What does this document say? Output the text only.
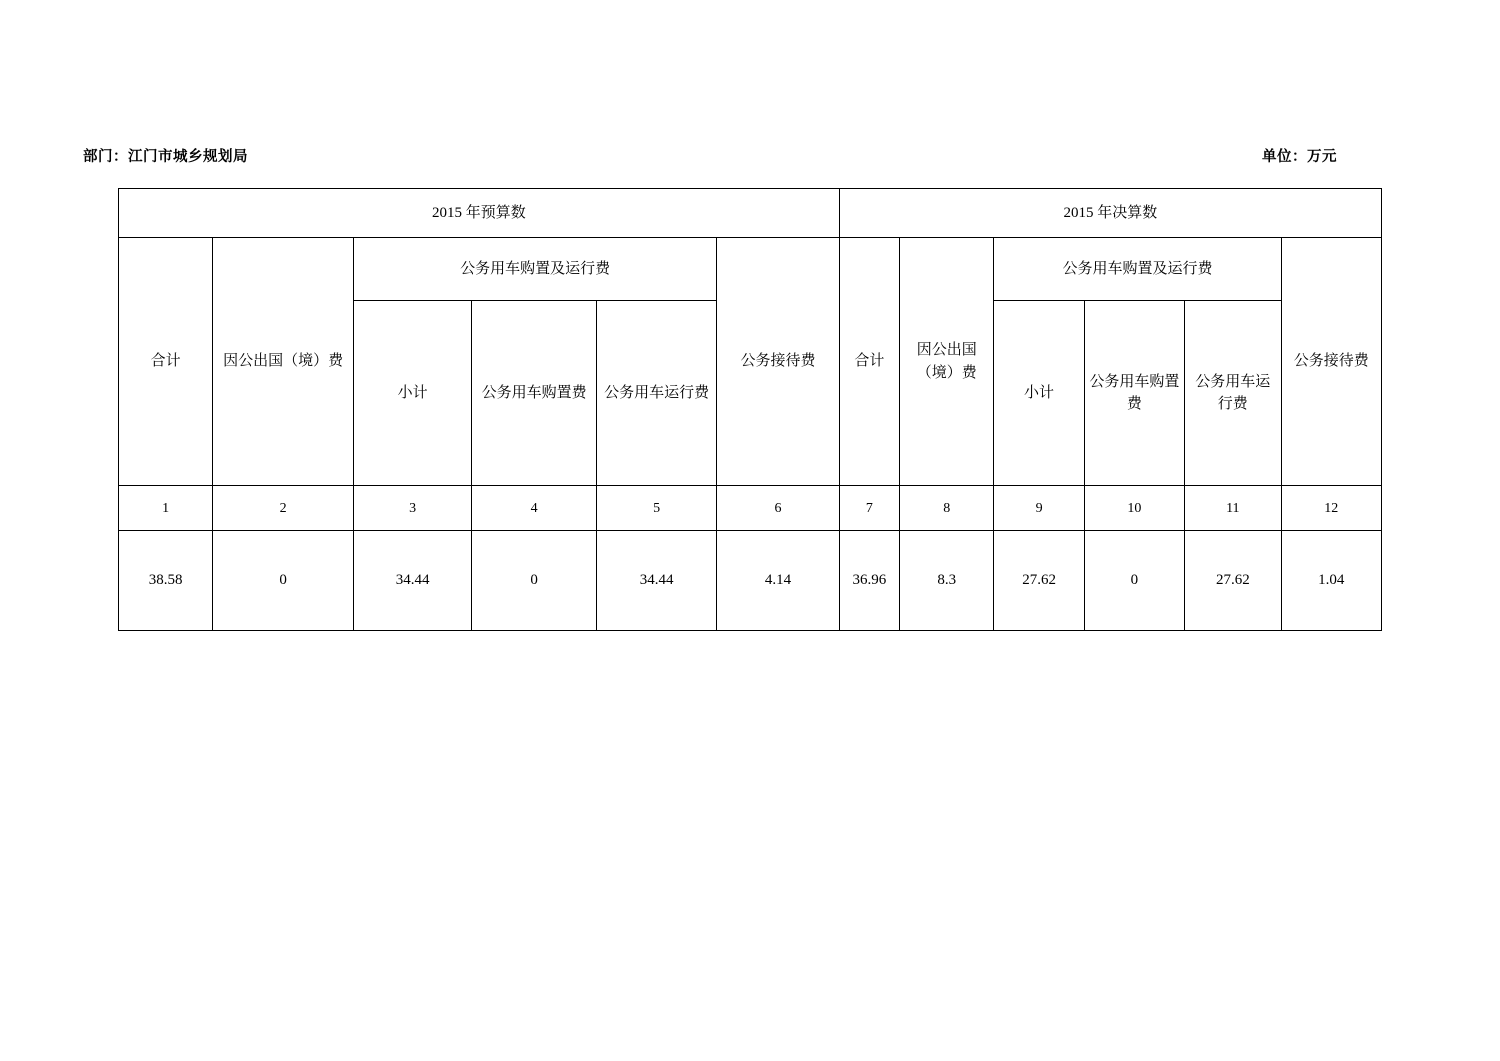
部门：江门市城乡规划局	单位：万元
2015 年预算数						2015 年决算数					
合计	因公出国（境）费	公务用车购置及运行费			公务接待费	合计	因公出国（境）费	公务用车购置及运行费			公务接待费
		小计	公务用车购置费	公务用车运行费				小计	公务用车购置费	公务用车运行费	
1	2	3	4	5	6	7	8	9	10	11	12
38.58	0	34.44	0	34.44	4.14	36.96	8.3	27.62	0	27.62	1.04
